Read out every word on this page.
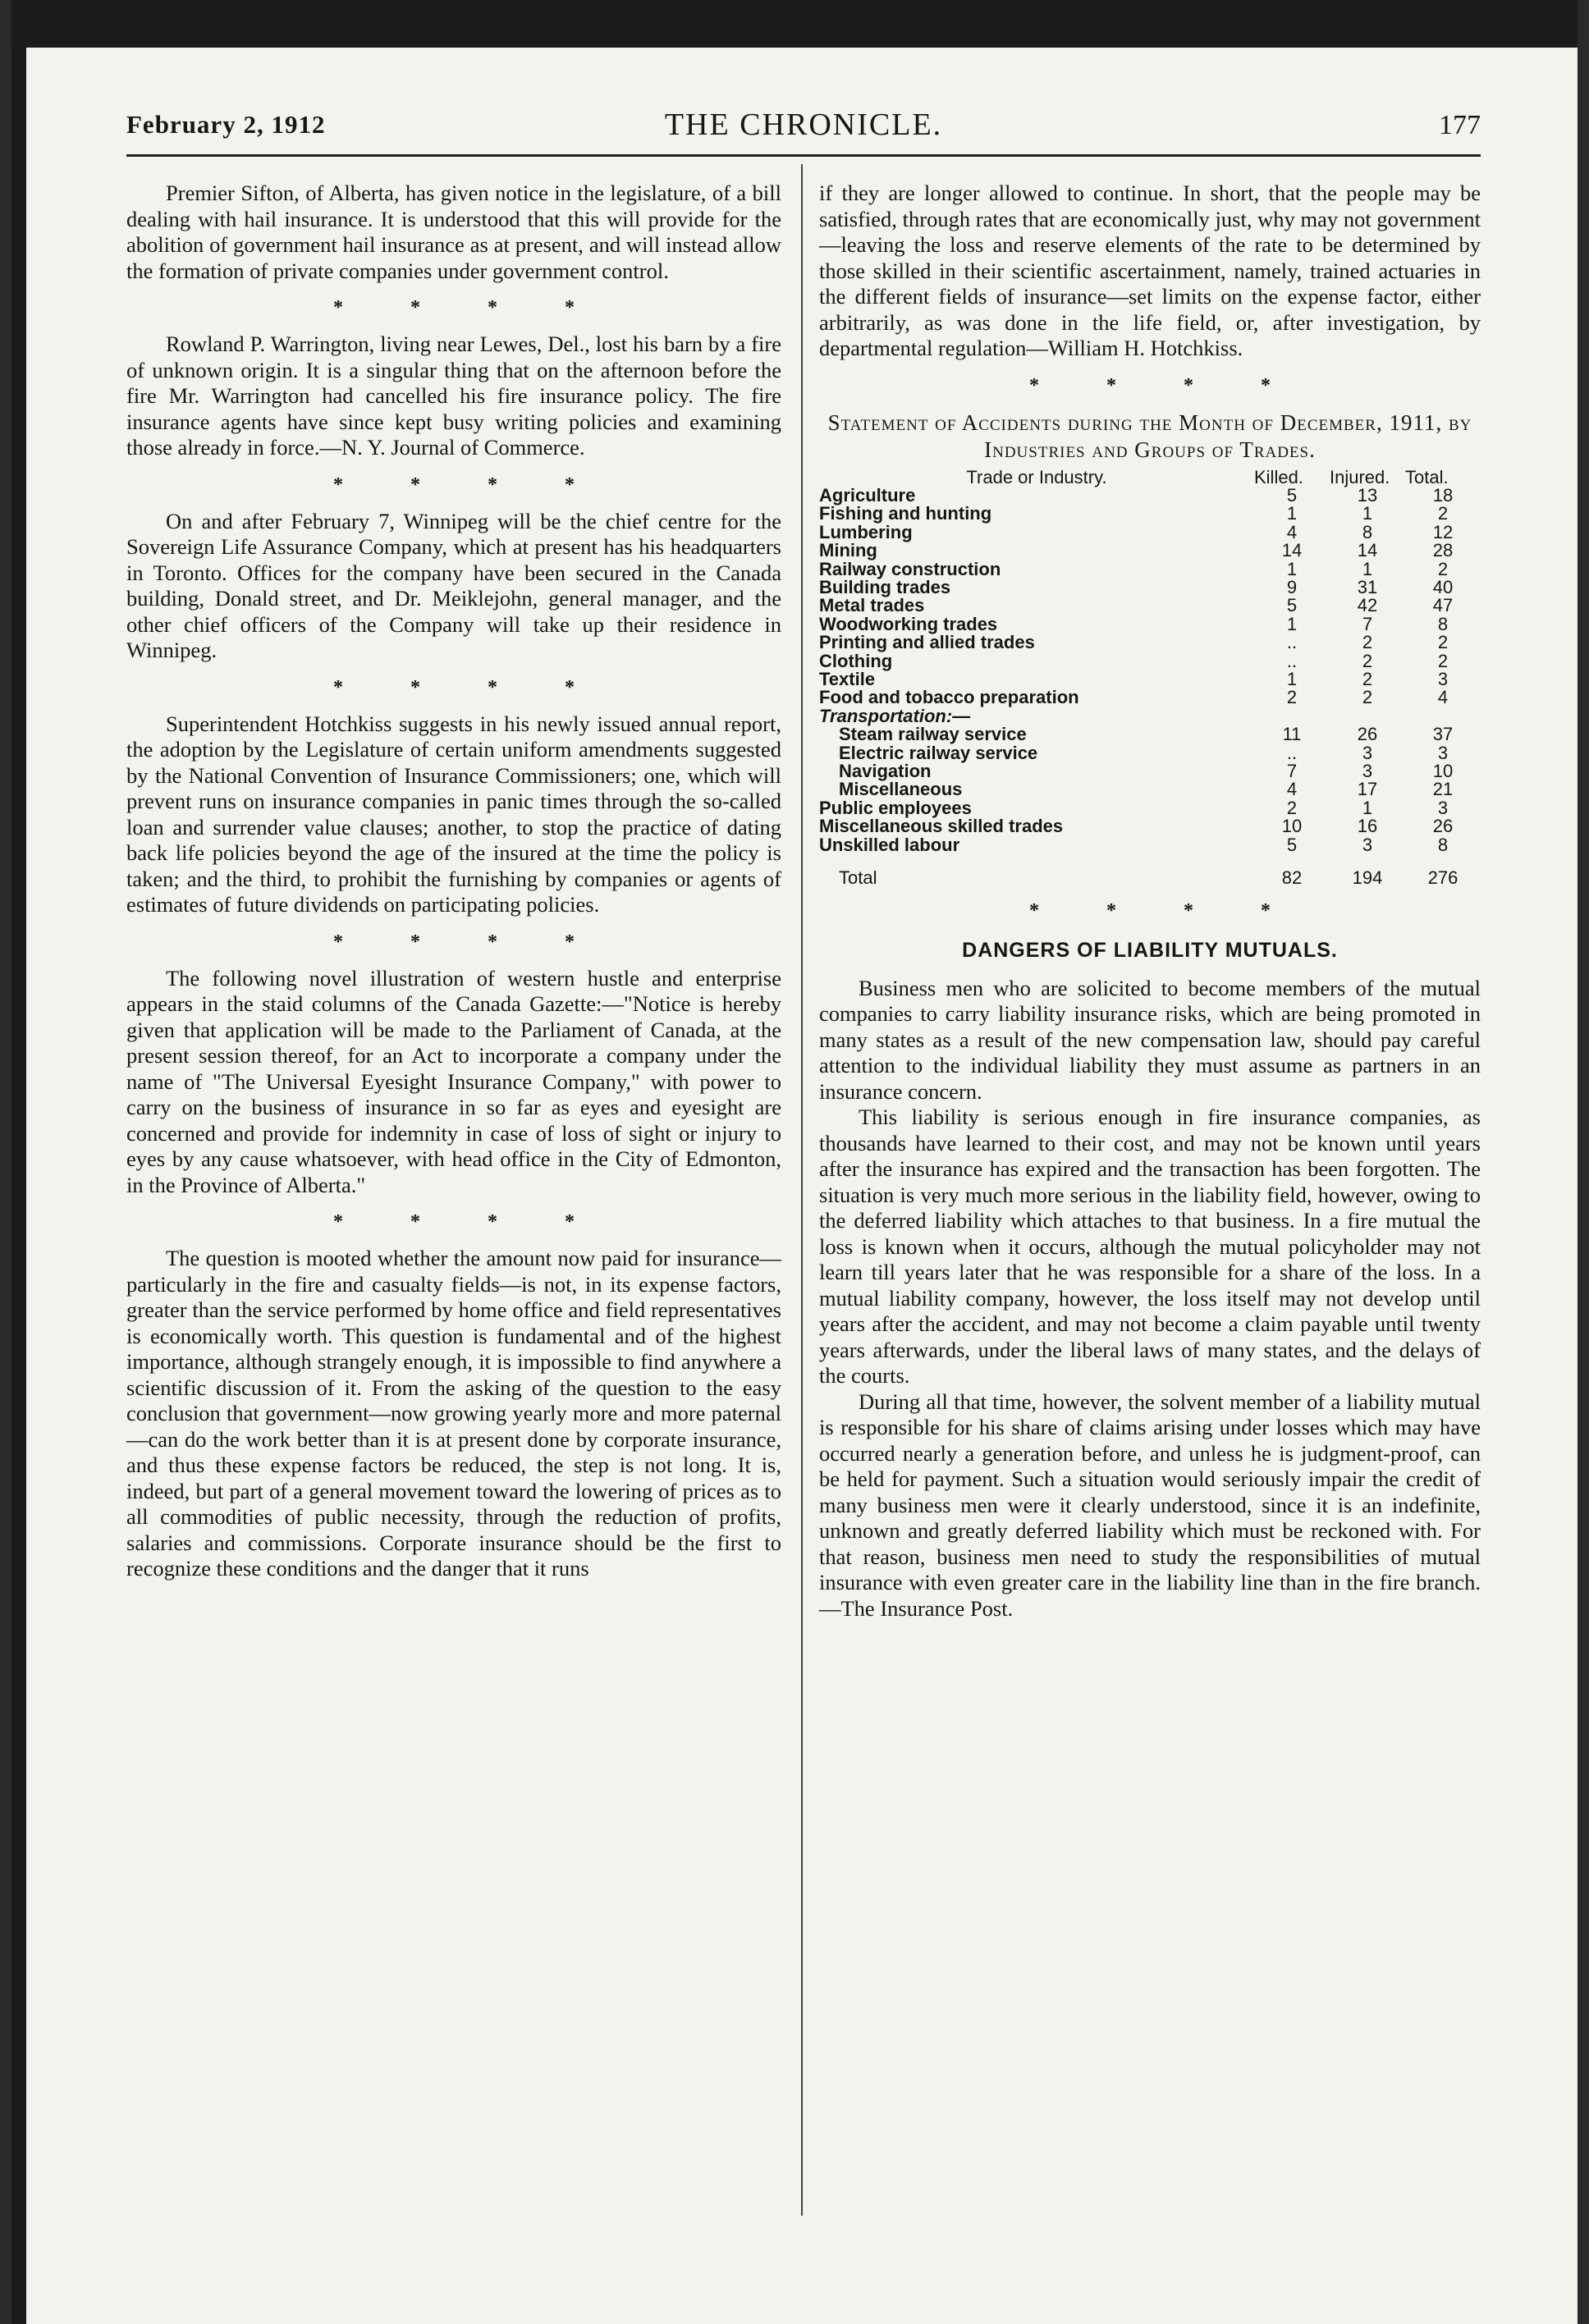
February 2, 1912	THE CHRONICLE.	177

Premier Sifton, of Alberta, has given notice in the legislature, of a bill dealing with hail insurance. It is understood that this will provide for the abolition of government hail insurance as at present, and will instead allow the formation of private companies under government control.

* * * *

Rowland P. Warrington, living near Lewes, Del., lost his barn by a fire of unknown origin. It is a singular thing that on the afternoon before the fire Mr. Warrington had cancelled his fire insurance policy. The fire insurance agents have since kept busy writing policies and examining those already in force.—N. Y. Journal of Commerce.

* * * *

On and after February 7, Winnipeg will be the chief centre for the Sovereign Life Assurance Company, which at present has his headquarters in Toronto. Offices for the company have been secured in the Canada building, Donald street, and Dr. Meiklejohn, general manager, and the other chief officers of the Company will take up their residence in Winnipeg.

* * * *

Superintendent Hotchkiss suggests in his newly issued annual report, the adoption by the Legislature of certain uniform amendments suggested by the National Convention of Insurance Commissioners; one, which will prevent runs on insurance companies in panic times through the so-called loan and surrender value clauses; another, to stop the practice of dating back life policies beyond the age of the insured at the time the policy is taken; and the third, to prohibit the furnishing by companies or agents of estimates of future dividends on participating policies.

* * * *

The following novel illustration of western hustle and enterprise appears in the staid columns of the Canada Gazette:—"Notice is hereby given that application will be made to the Parliament of Canada, at the present session thereof, for an Act to incorporate a company under the name of "The Universal Eyesight Insurance Company," with power to carry on the business of insurance in so far as eyes and eyesight are concerned and provide for indemnity in case of loss of sight or injury to eyes by any cause whatsoever, with head office in the City of Edmonton, in the Province of Alberta."

* * * *

The question is mooted whether the amount now paid for insurance—particularly in the fire and casualty fields—is not, in its expense factors, greater than the service performed by home office and field representatives is economically worth. This question is fundamental and of the highest importance, although strangely enough, it is impossible to find anywhere a scientific discussion of it. From the asking of the question to the easy conclusion that government—now growing yearly more and more paternal—can do the work better than it is at present done by corporate insurance, and thus these expense factors be reduced, the step is not long. It is, indeed, but part of a general movement toward the lowering of prices as to all commodities of public necessity, through the reduction of profits, salaries and commissions. Corporate insurance should be the first to recognize these conditions and the danger that it runs

if they are longer allowed to continue. In short, that the people may be satisfied, through rates that are economically just, why may not government—leaving the loss and reserve elements of the rate to be determined by those skilled in their scientific ascertainment, namely, trained actuaries in the different fields of insurance—set limits on the expense factor, either arbitrarily, as was done in the life field, or, after investigation, by departmental regulation—William H. Hotchkiss.

* * * *
Statement of Accidents during the Month of December, 1911, by Industries and Groups of Trades.
Trade or Industry.	Killed.	Injured.	Total.
Agriculture	5	13	18
Fishing and hunting	1	1	2
Lumbering	4	8	12
Mining	14	14	28
Railway construction	1	1	2
Building trades	9	31	40
Metal trades	5	42	47
Woodworking trades	1	7	8
Printing and allied trades	..	2	2
Clothing	..	2	2
Textile	1	2	3
Food and tobacco preparation	2	2	4
Transportation:—			
Steam railway service	11	26	37
Electric railway service	..	3	3
Navigation	7	3	10
Miscellaneous	4	17	21
Public employees	2	1	3
Miscellaneous skilled trades	10	16	26
Unskilled labour	5	3	8
Total	82	194	276
* * * *
DANGERS OF LIABILITY MUTUALS.

Business men who are solicited to become members of the mutual companies to carry liability insurance risks, which are being promoted in many states as a result of the new compensation law, should pay careful attention to the individual liability they must assume as partners in an insurance concern.

This liability is serious enough in fire insurance companies, as thousands have learned to their cost, and may not be known until years after the insurance has expired and the transaction has been forgotten. The situation is very much more serious in the liability field, however, owing to the deferred liability which attaches to that business. In a fire mutual the loss is known when it occurs, although the mutual policyholder may not learn till years later that he was responsible for a share of the loss. In a mutual liability company, however, the loss itself may not develop until years after the accident, and may not become a claim payable until twenty years afterwards, under the liberal laws of many states, and the delays of the courts.

During all that time, however, the solvent member of a liability mutual is responsible for his share of claims arising under losses which may have occurred nearly a generation before, and unless he is judgment-proof, can be held for payment. Such a situation would seriously impair the credit of many business men were it clearly understood, since it is an indefinite, unknown and greatly deferred liability which must be reckoned with. For that reason, business men need to study the responsibilities of mutual insurance with even greater care in the liability line than in the fire branch.—The Insurance Post.
